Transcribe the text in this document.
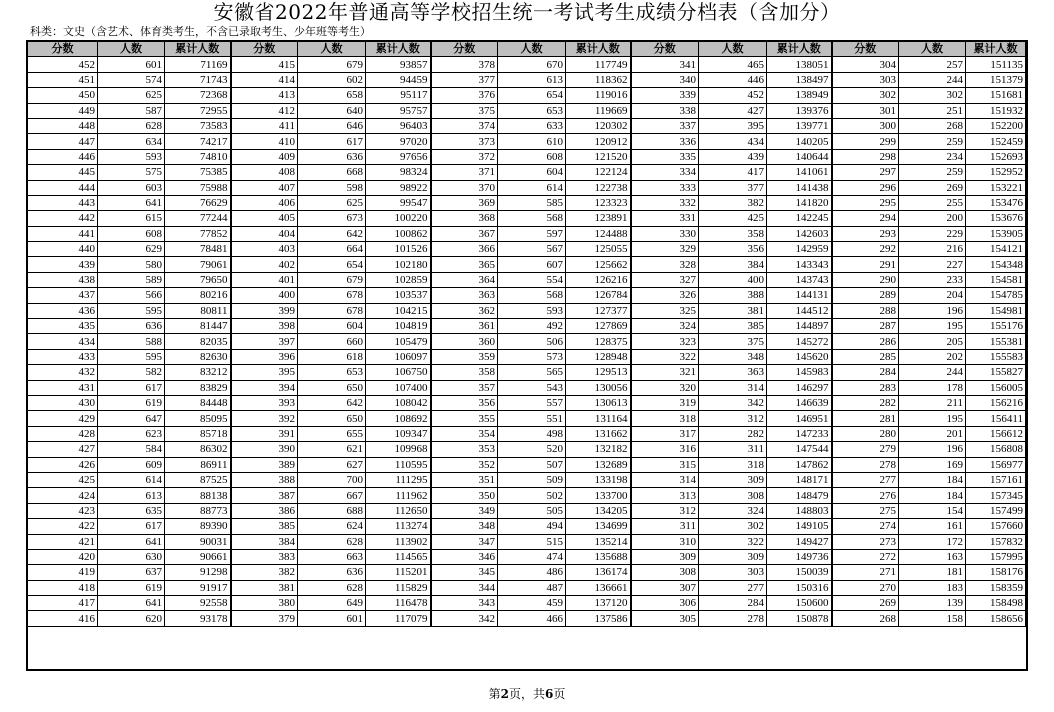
安徽省2022年普通高等学校招生统一考试考生成绩分档表（含加分）
科类：文史（含艺术、体育类考生，不含已录取考生、少年班等考生）
分数	人数	累计人数	分数	人数	累计人数	分数	人数	累计人数	分数	人数	累计人数	分数	人数	累计人数
452	601	71169	415	679	93857	378	670	117749	341	465	138051	304	257	151135
451	574	71743	414	602	94459	377	613	118362	340	446	138497	303	244	151379
450	625	72368	413	658	95117	376	654	119016	339	452	138949	302	302	151681
449	587	72955	412	640	95757	375	653	119669	338	427	139376	301	251	151932
448	628	73583	411	646	96403	374	633	120302	337	395	139771	300	268	152200
447	634	74217	410	617	97020	373	610	120912	336	434	140205	299	259	152459
446	593	74810	409	636	97656	372	608	121520	335	439	140644	298	234	152693
445	575	75385	408	668	98324	371	604	122124	334	417	141061	297	259	152952
444	603	75988	407	598	98922	370	614	122738	333	377	141438	296	269	153221
443	641	76629	406	625	99547	369	585	123323	332	382	141820	295	255	153476
442	615	77244	405	673	100220	368	568	123891	331	425	142245	294	200	153676
441	608	77852	404	642	100862	367	597	124488	330	358	142603	293	229	153905
440	629	78481	403	664	101526	366	567	125055	329	356	142959	292	216	154121
439	580	79061	402	654	102180	365	607	125662	328	384	143343	291	227	154348
438	589	79650	401	679	102859	364	554	126216	327	400	143743	290	233	154581
437	566	80216	400	678	103537	363	568	126784	326	388	144131	289	204	154785
436	595	80811	399	678	104215	362	593	127377	325	381	144512	288	196	154981
435	636	81447	398	604	104819	361	492	127869	324	385	144897	287	195	155176
434	588	82035	397	660	105479	360	506	128375	323	375	145272	286	205	155381
433	595	82630	396	618	106097	359	573	128948	322	348	145620	285	202	155583
432	582	83212	395	653	106750	358	565	129513	321	363	145983	284	244	155827
431	617	83829	394	650	107400	357	543	130056	320	314	146297	283	178	156005
430	619	84448	393	642	108042	356	557	130613	319	342	146639	282	211	156216
429	647	85095	392	650	108692	355	551	131164	318	312	146951	281	195	156411
428	623	85718	391	655	109347	354	498	131662	317	282	147233	280	201	156612
427	584	86302	390	621	109968	353	520	132182	316	311	147544	279	196	156808
426	609	86911	389	627	110595	352	507	132689	315	318	147862	278	169	156977
425	614	87525	388	700	111295	351	509	133198	314	309	148171	277	184	157161
424	613	88138	387	667	111962	350	502	133700	313	308	148479	276	184	157345
423	635	88773	386	688	112650	349	505	134205	312	324	148803	275	154	157499
422	617	89390	385	624	113274	348	494	134699	311	302	149105	274	161	157660
421	641	90031	384	628	113902	347	515	135214	310	322	149427	273	172	157832
420	630	90661	383	663	114565	346	474	135688	309	309	149736	272	163	157995
419	637	91298	382	636	115201	345	486	136174	308	303	150039	271	181	158176
418	619	91917	381	628	115829	344	487	136661	307	277	150316	270	183	158359
417	641	92558	380	649	116478	343	459	137120	306	284	150600	269	139	158498
416	620	93178	379	601	117079	342	466	137586	305	278	150878	268	158	158656
第2页，共6页
